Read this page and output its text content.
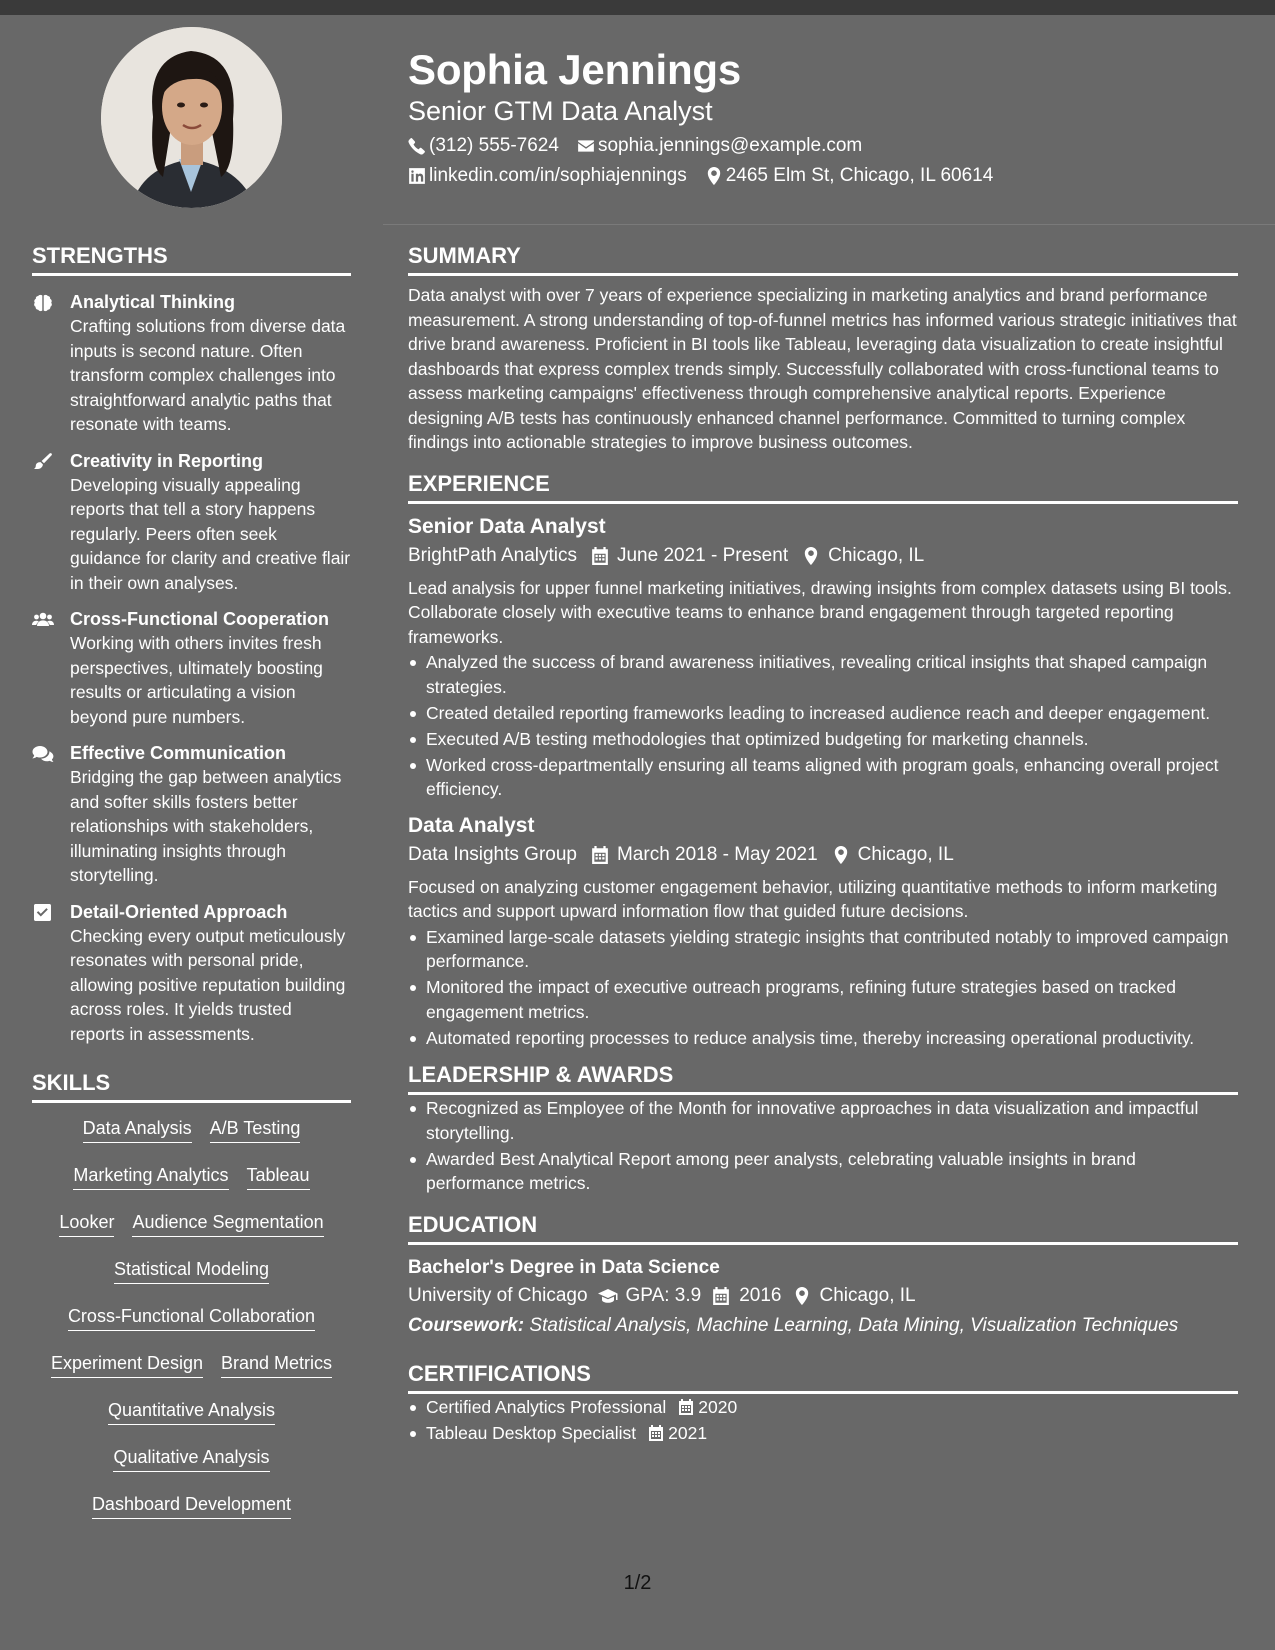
Sophia Jennings
Senior GTM Data Analyst
(312) 555-7624 sophia.jennings@example.com
linkedin.com/in/sophiajennings 2465 Elm St, Chicago, IL 60614
STRENGTHS
Analytical Thinking
Crafting solutions from diverse data inputs is second nature. Often transform complex challenges into straightforward analytic paths that resonate with teams.
Creativity in Reporting
Developing visually appealing reports that tell a story happens regularly. Peers often seek guidance for clarity and creative flair in their own analyses.
Cross-Functional Cooperation
Working with others invites fresh perspectives, ultimately boosting results or articulating a vision beyond pure numbers.
Effective Communication
Bridging the gap between analytics and softer skills fosters better relationships with stakeholders, illuminating insights through storytelling.
Detail-Oriented Approach
Checking every output meticulously resonates with personal pride, allowing positive reputation building across roles. It yields trusted reports in assessments.
SKILLS
Data Analysis A/B Testing
Marketing Analytics Tableau
Looker Audience Segmentation
Statistical Modeling
Cross-Functional Collaboration
Experiment Design Brand Metrics
Quantitative Analysis
Qualitative Analysis
Dashboard Development
SUMMARY
Data analyst with over 7 years of experience specializing in marketing analytics and brand performance measurement. A strong understanding of top-of-funnel metrics has informed various strategic initiatives that drive brand awareness. Proficient in BI tools like Tableau, leveraging data visualization to create insightful dashboards that express complex trends simply. Successfully collaborated with cross-functional teams to assess marketing campaigns' effectiveness through comprehensive analytical reports. Experience designing A/B tests has continuously enhanced channel performance. Committed to turning complex findings into actionable strategies to improve business outcomes.
EXPERIENCE
Senior Data Analyst
BrightPath Analytics June 2021 - Present Chicago, IL
Lead analysis for upper funnel marketing initiatives, drawing insights from complex datasets using BI tools. Collaborate closely with executive teams to enhance brand engagement through targeted reporting frameworks.
Analyzed the success of brand awareness initiatives, revealing critical insights that shaped campaign strategies.
Created detailed reporting frameworks leading to increased audience reach and deeper engagement.
Executed A/B testing methodologies that optimized budgeting for marketing channels.
Worked cross-departmentally ensuring all teams aligned with program goals, enhancing overall project efficiency.
Data Analyst
Data Insights Group March 2018 - May 2021 Chicago, IL
Focused on analyzing customer engagement behavior, utilizing quantitative methods to inform marketing tactics and support upward information flow that guided future decisions.
Examined large-scale datasets yielding strategic insights that contributed notably to improved campaign performance.
Monitored the impact of executive outreach programs, refining future strategies based on tracked engagement metrics.
Automated reporting processes to reduce analysis time, thereby increasing operational productivity.
LEADERSHIP & AWARDS
Recognized as Employee of the Month for innovative approaches in data visualization and impactful storytelling.
Awarded Best Analytical Report among peer analysts, celebrating valuable insights in brand performance metrics.
EDUCATION
Bachelor's Degree in Data Science
University of Chicago GPA: 3.9 2016 Chicago, IL
Coursework: Statistical Analysis, Machine Learning, Data Mining, Visualization Techniques
CERTIFICATIONS
Certified Analytics Professional 2020
Tableau Desktop Specialist 2021
1/2
